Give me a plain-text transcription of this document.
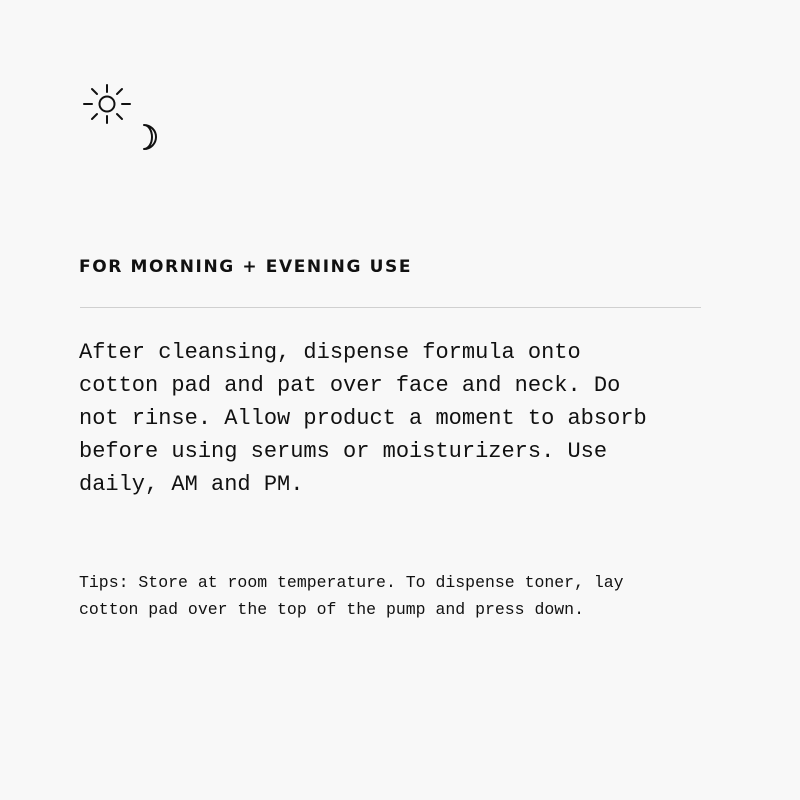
FOR MORNING + EVENING USE

After cleansing, dispense formula onto
cotton pad and pat over face and neck. Do
not rinse. Allow product a moment to absorb
before using serums or moisturizers. Use
daily, AM and PM.

Tips: Store at room temperature. To dispense toner, lay
cotton pad over the top of the pump and press down.
